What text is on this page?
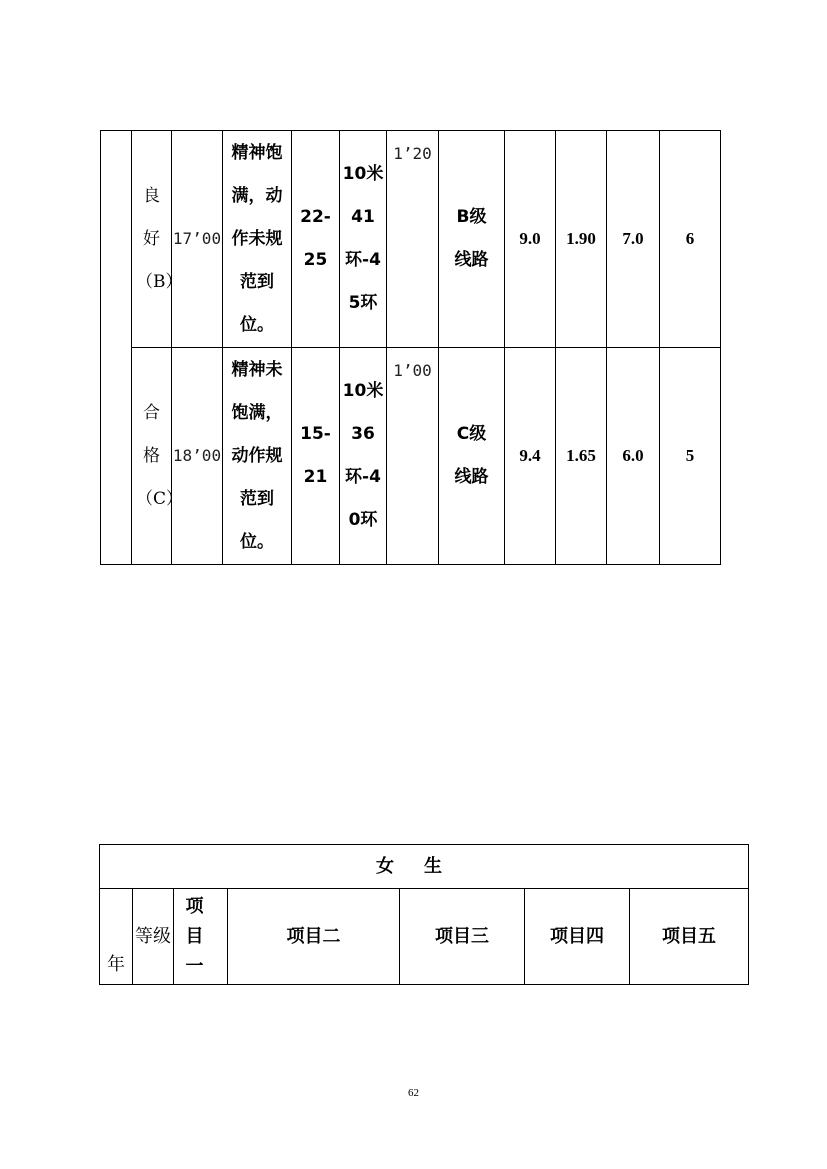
	良好（B）	17’00	精神饱满，动作未规范到位。	22-25	10米41环-45环	1’20	B级线路	9.0	1.90	7.0	6
	合格（C）	18’00	精神未饱满，动作规范到位。	15-21	10米36环-40环	1’00	C级线路	9.4	1.65	6.0	5
女生
年	等级	项目一	项目二	项目三	项目四	项目五
62
